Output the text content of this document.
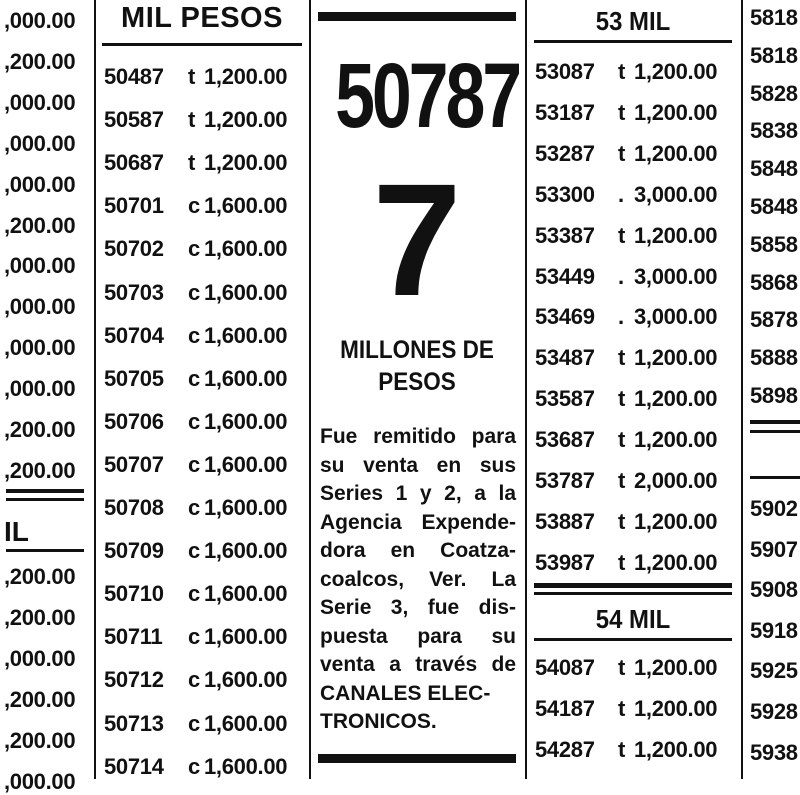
,000.00
,200.00
,000.00
,000.00
,000.00
,200.00
,000.00
,000.00
,000.00
,000.00
,200.00
,200.00
IL
,200.00
,200.00
,000.00
,200.00
,200.00
,000.00
MIL PESOS
50487 t 1,200.00
50587 t 1,200.00
50687 t 1,200.00
50701 c 1,600.00
50702 c 1,600.00
50703 c 1,600.00
50704 c 1,600.00
50705 c 1,600.00
50706 c 1,600.00
50707 c 1,600.00
50708 c 1,600.00
50709 c 1,600.00
50710 c 1,600.00
50711 c 1,600.00
50712 c 1,600.00
50713 c 1,600.00
50714 c 1,600.00
50787
7
MILLONES DE
PESOS
Fue remitido para
su venta en sus
Series 1 y 2, a la
Agencia Expende-
dora en Coatza-
coalcos, Ver. La
Serie 3, fue dis-
puesta para su
venta a través de
CANALES ELEC-
TRONICOS.
53 MIL
53087 t 1,200.00
53187 t 1,200.00
53287 t 1,200.00
53300 . 3,000.00
53387 t 1,200.00
53449 . 3,000.00
53469 . 3,000.00
53487 t 1,200.00
53587 t 1,200.00
53687 t 1,200.00
53787 t 2,000.00
53887 t 1,200.00
53987 t 1,200.00
54 MIL
54087 t 1,200.00
54187 t 1,200.00
54287 t 1,200.00
5818
5818
5828
5838
5848
5848
5858
5868
5878
5888
5898
5902
5907
5908
5918
5925
5928
5938
